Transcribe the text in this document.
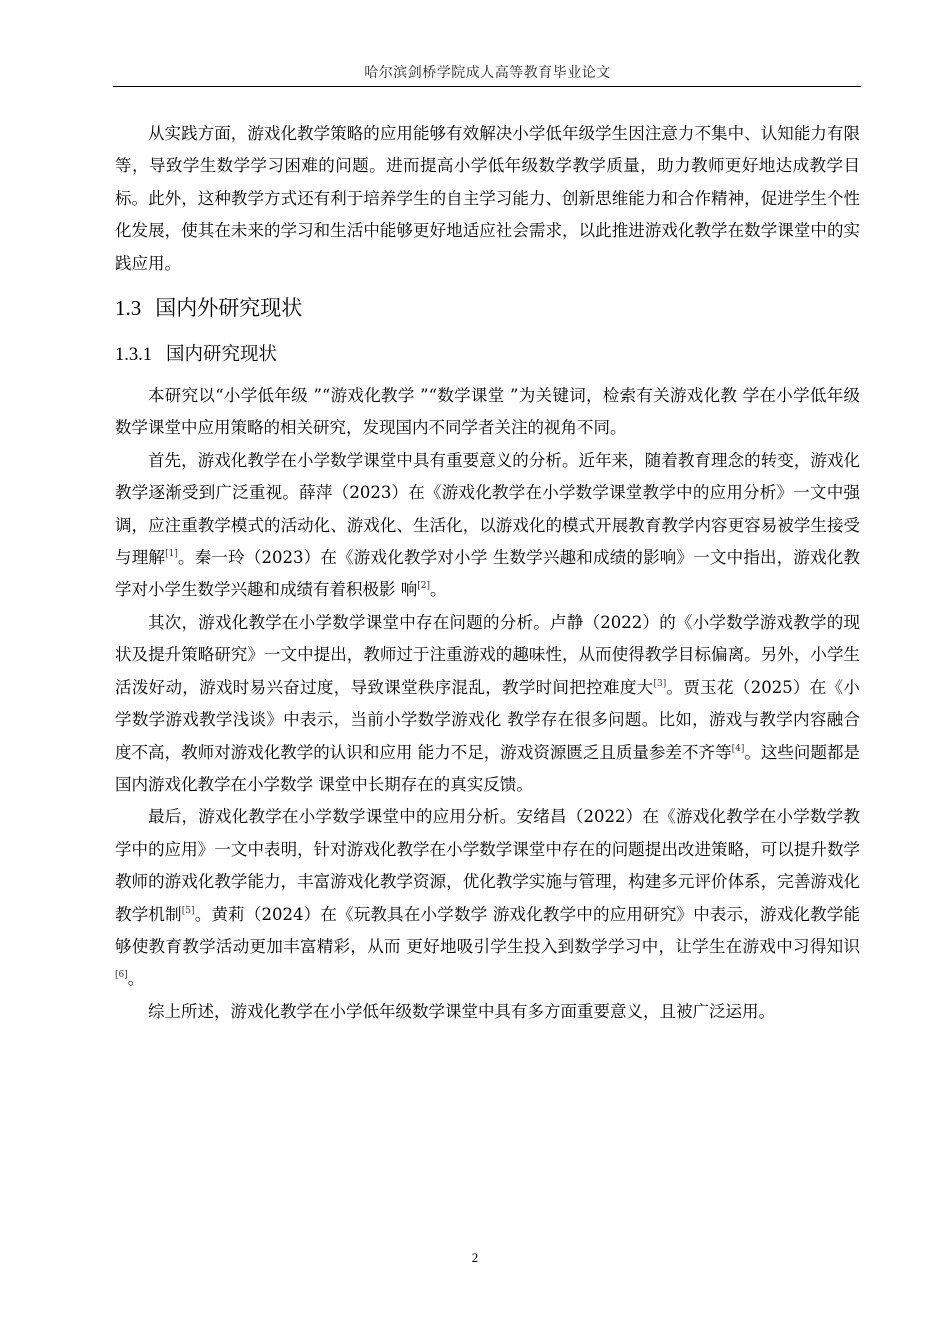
哈尔滨剑桥学院成人高等教育毕业论文

从实践方面，游戏化教学策略的应用能够有效解决小学低年级学生因注意力不集中、认知能力有限等，导致学生数学学习困难的问题。进而提高小学低年级数学教学质量，助力教师更好地达成教学目标。此外，这种教学方式还有利于培养学生的自主学习能力、创新思维能力和合作精神，促进学生个性化发展，使其在未来的学习和生活中能够更好地适应社会需求，以此推进游戏化教学在数学课堂中的实践应用。

1.3 国内外研究现状
1.3.1 国内研究现状

本研究以“小学低年级 ”“游戏化教学 ”“数学课堂 ”为关键词，检索有关游戏化教 学在小学低年级数学课堂中应用策略的相关研究，发现国内不同学者关注的视角不同。

首先，游戏化教学在小学数学课堂中具有重要意义的分析。近年来，随着教育理念的转变，游戏化教学逐渐受到广泛重视。薛萍（2023）在《游戏化教学在小学数学课堂教学中的应用分析》一文中强调，应注重教学模式的活动化、游戏化、生活化，以游戏化的模式开展教育教学内容更容易被学生接受与理解[1]。秦一玲（2023）在《游戏化教学对小学 生数学兴趣和成绩的影响》一文中指出，游戏化教学对小学生数学兴趣和成绩有着积极影 响[2]。

其次，游戏化教学在小学数学课堂中存在问题的分析。卢静（2022）的《小学数学游戏教学的现状及提升策略研究》一文中提出，教师过于注重游戏的趣味性，从而使得教学目标偏离。另外，小学生活泼好动，游戏时易兴奋过度，导致课堂秩序混乱，教学时间把控难度大[3]。贾玉花（2025）在《小学数学游戏教学浅谈》中表示，当前小学数学游戏化 教学存在很多问题。比如，游戏与教学内容融合度不高，教师对游戏化教学的认识和应用 能力不足，游戏资源匮乏且质量参差不齐等[4]。这些问题都是国内游戏化教学在小学数学 课堂中长期存在的真实反馈。

最后，游戏化教学在小学数学课堂中的应用分析。安绪昌（2022）在《游戏化教学在小学数学教学中的应用》一文中表明，针对游戏化教学在小学数学课堂中存在的问题提出改进策略，可以提升数学教师的游戏化教学能力，丰富游戏化教学资源，优化教学实施与管理，构建多元评价体系，完善游戏化教学机制[5]。黄莉（2024）在《玩教具在小学数学 游戏化教学中的应用研究》中表示，游戏化教学能够使教育教学活动更加丰富精彩，从而 更好地吸引学生投入到数学学习中，让学生在游戏中习得知识[6]。

综上所述，游戏化教学在小学低年级数学课堂中具有多方面重要意义，且被广泛运用。

2
